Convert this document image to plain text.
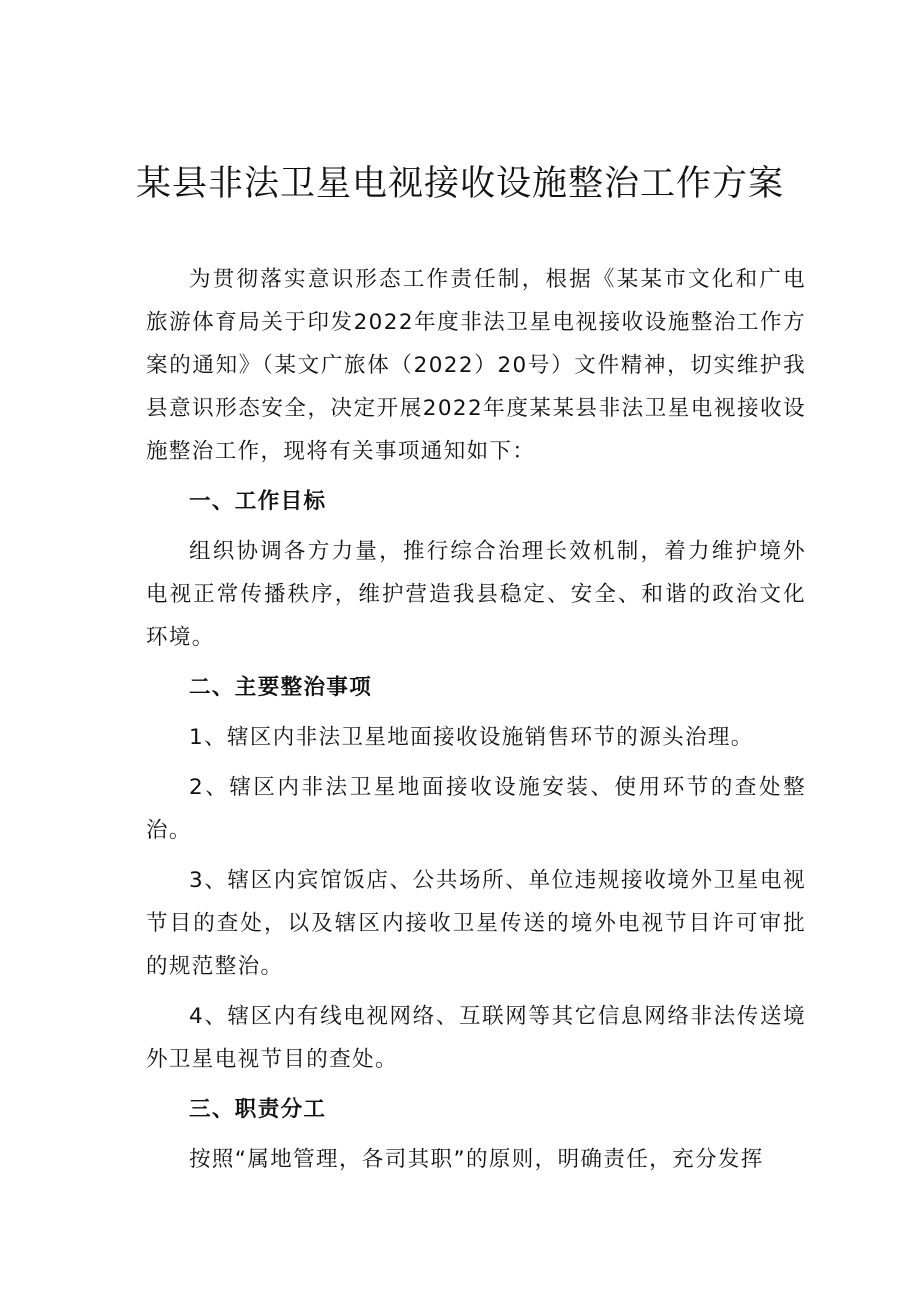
某县非法卫星电视接收设施整治工作方案

为贯彻落实意识形态工作责任制，根据《某某市文化和广电旅游体育局关于印发2022年度非法卫星电视接收设施整治工作方案的通知》（某文广旅体（2022）20号）文件精神，切实维护我县意识形态安全，决定开展2022年度某某县非法卫星电视接收设施整治工作，现将有关事项通知如下：

一、工作目标

组织协调各方力量，推行综合治理长效机制，着力维护境外电视正常传播秩序，维护营造我县稳定、安全、和谐的政治文化环境。

二、主要整治事项

1、辖区内非法卫星地面接收设施销售环节的源头治理。

2、辖区内非法卫星地面接收设施安装、使用环节的查处整治。

3、辖区内宾馆饭店、公共场所、单位违规接收境外卫星电视节目的查处，以及辖区内接收卫星传送的境外电视节目许可审批的规范整治。

4、辖区内有线电视网络、互联网等其它信息网络非法传送境外卫星电视节目的查处。

三、职责分工

按照“属地管理，各司其职”的原则，明确责任，充分发挥
